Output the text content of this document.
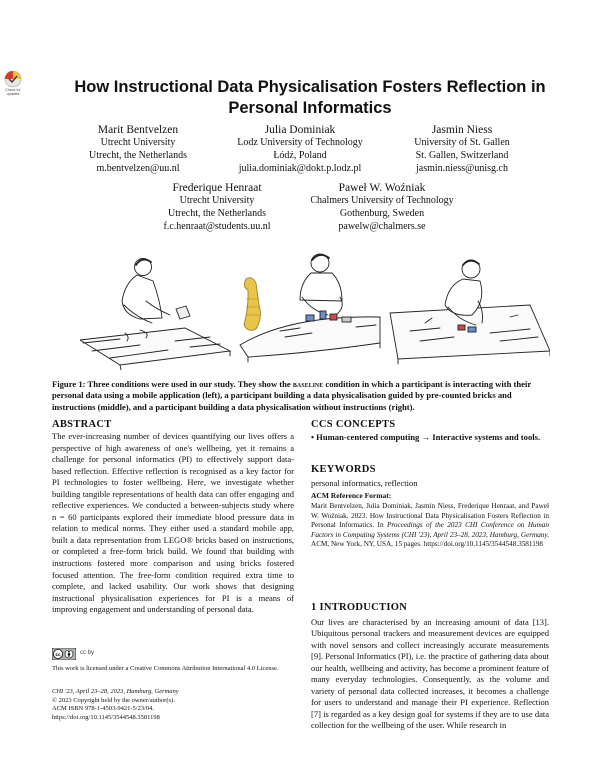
Check for updates	How Instructional Data Physicalisation Fosters Reflection in Personal Informatics
Marit Bentvelzen
Utrecht University
Utrecht, the Netherlands
m.bentvelzen@uu.nl
Julia Dominiak
Lodz University of Technology
Łódź, Poland
julia.dominiak@dokt.p.lodz.pl
Jasmin Niess
University of St. Gallen
St. Gallen, Switzerland
jasmin.niess@unisg.ch
Frederique Henraat
Utrecht University
Utrecht, the Netherlands
f.c.henraat@students.uu.nl
Paweł W. Woźniak
Chalmers University of Technology
Gothenburg, Sweden
pawelw@chalmers.se

Figure 1: Three conditions were used in our study. They show the baseline condition in which a participant is interacting with their personal data using a mobile application (left), a participant building a data physicalisation guided by pre-counted bricks and instructions (middle), and a participant building a data physicalisation without instructions (right).

ABSTRACT

The ever-increasing number of devices quantifying our lives offers a perspective of high awareness of one's wellbeing, yet it remains a challenge for personal informatics (PI) to effectively support data-based reflection. Effective reflection is recognised as a key factor for PI technologies to foster wellbeing. Here, we investigate whether building tangible representations of health data can offer engaging and reflective experiences. We conducted a between-subjects study where n = 60 participants explored their immediate blood pressure data in relation to medical norms. They either used a standard mobile app, built a data representation from LEGO® bricks based on instructions, or completed a free-form brick build. We found that building with instructions fostered more comparison and using bricks fostered focused attention. The free-form condition required extra time to complete, and lacked usability. Our work shows that designing instructional physicalisation experiences for PI is a means of improving engagement and understanding of personal data.

cc	cc by

This work is licensed under a Creative Commons Attribution International 4.0 License.

CHI '23, April 23–28, 2023, Hamburg, Germany
© 2023 Copyright held by the owner/author(s).
ACM ISBN 978-1-4503-9421-5/23/04.
https://doi.org/10.1145/3544548.3581198

CCS CONCEPTS

• Human-centered computing → Interactive systems and tools.

KEYWORDS

personal informatics, reflection

ACM Reference Format:

Marit Bentvelzen, Julia Dominiak, Jasmin Niess, Frederique Henraat, and Paweł W. Woźniak. 2023. How Instructional Data Physicalisation Fosters Reflection in Personal Informatics. In Proceedings of the 2023 CHI Conference on Human Factors in Computing Systems (CHI '23), April 23–28, 2023, Hamburg, Germany. ACM, New York, NY, USA, 15 pages. https://doi.org/10.1145/3544548.3581198

1 INTRODUCTION

Our lives are characterised by an increasing amount of data [13]. Ubiquitous personal trackers and measurement devices are equipped with novel sensors and collect increasingly accurate measurements [9]. Personal Informatics (PI), i.e. the practice of gathering data about our health, wellbeing and activity, has become a prominent feature of many everyday technologies. Consequently, as the volume and variety of personal data collected increases, it becomes a challenge for users to understand and manage their PI experience. Reflection [7] is regarded as a key design goal for systems if they are to use data collection for the wellbeing of the user. While research in
